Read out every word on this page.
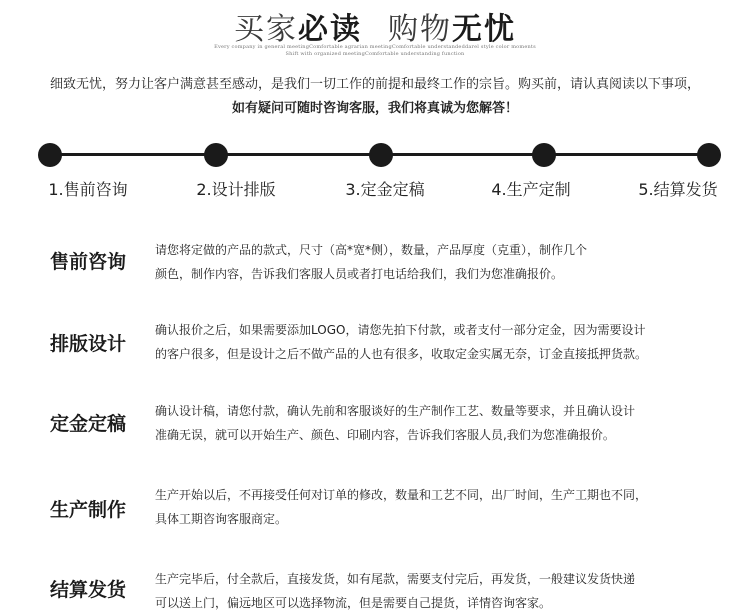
买家必读 购物无忧
Every company in general meetingComfortable agrarian meetingComfortable understandeddarel style color moments
Shift with organized meetingComfortable understanding function
细致无忧，努力让客户满意甚至感动，是我们一切工作的前提和最终工作的宗旨。购买前，请认真阅读以下事项，
如有疑问可随时咨询客服，我们将真诚为您解答！
1.售前咨询	2.设计排版	3.定金定稿	4.生产定制	5.结算发货
售前咨询
请您将定做的产品的款式，尺寸（高*宽*侧），数量，产品厚度（克重），制作几个
颜色，制作内容，告诉我们客服人员或者打电话给我们，我们为您准确报价。
排版设计
确认报价之后，如果需要添加LOGO，请您先拍下付款，或者支付一部分定金，因为需要设计
的客户很多，但是设计之后不做产品的人也有很多，收取定金实属无奈，订金直接抵押货款。
定金定稿
确认设计稿，请您付款，确认先前和客服谈好的生产制作工艺、数量等要求，并且确认设计
准确无误，就可以开始生产、颜色、印刷内容，告诉我们客服人员,我们为您准确报价。
生产制作
生产开始以后，不再接受任何对订单的修改，数量和工艺不同，出厂时间，生产工期也不同，
具体工期咨询客服商定。
结算发货 生产完毕后，付全款后，直接发货，如有尾款，需要支付完后，再发货，一般建议发货快递
可以送上门，偏远地区可以选择物流，但是需要自己提货，详情咨询客家。
